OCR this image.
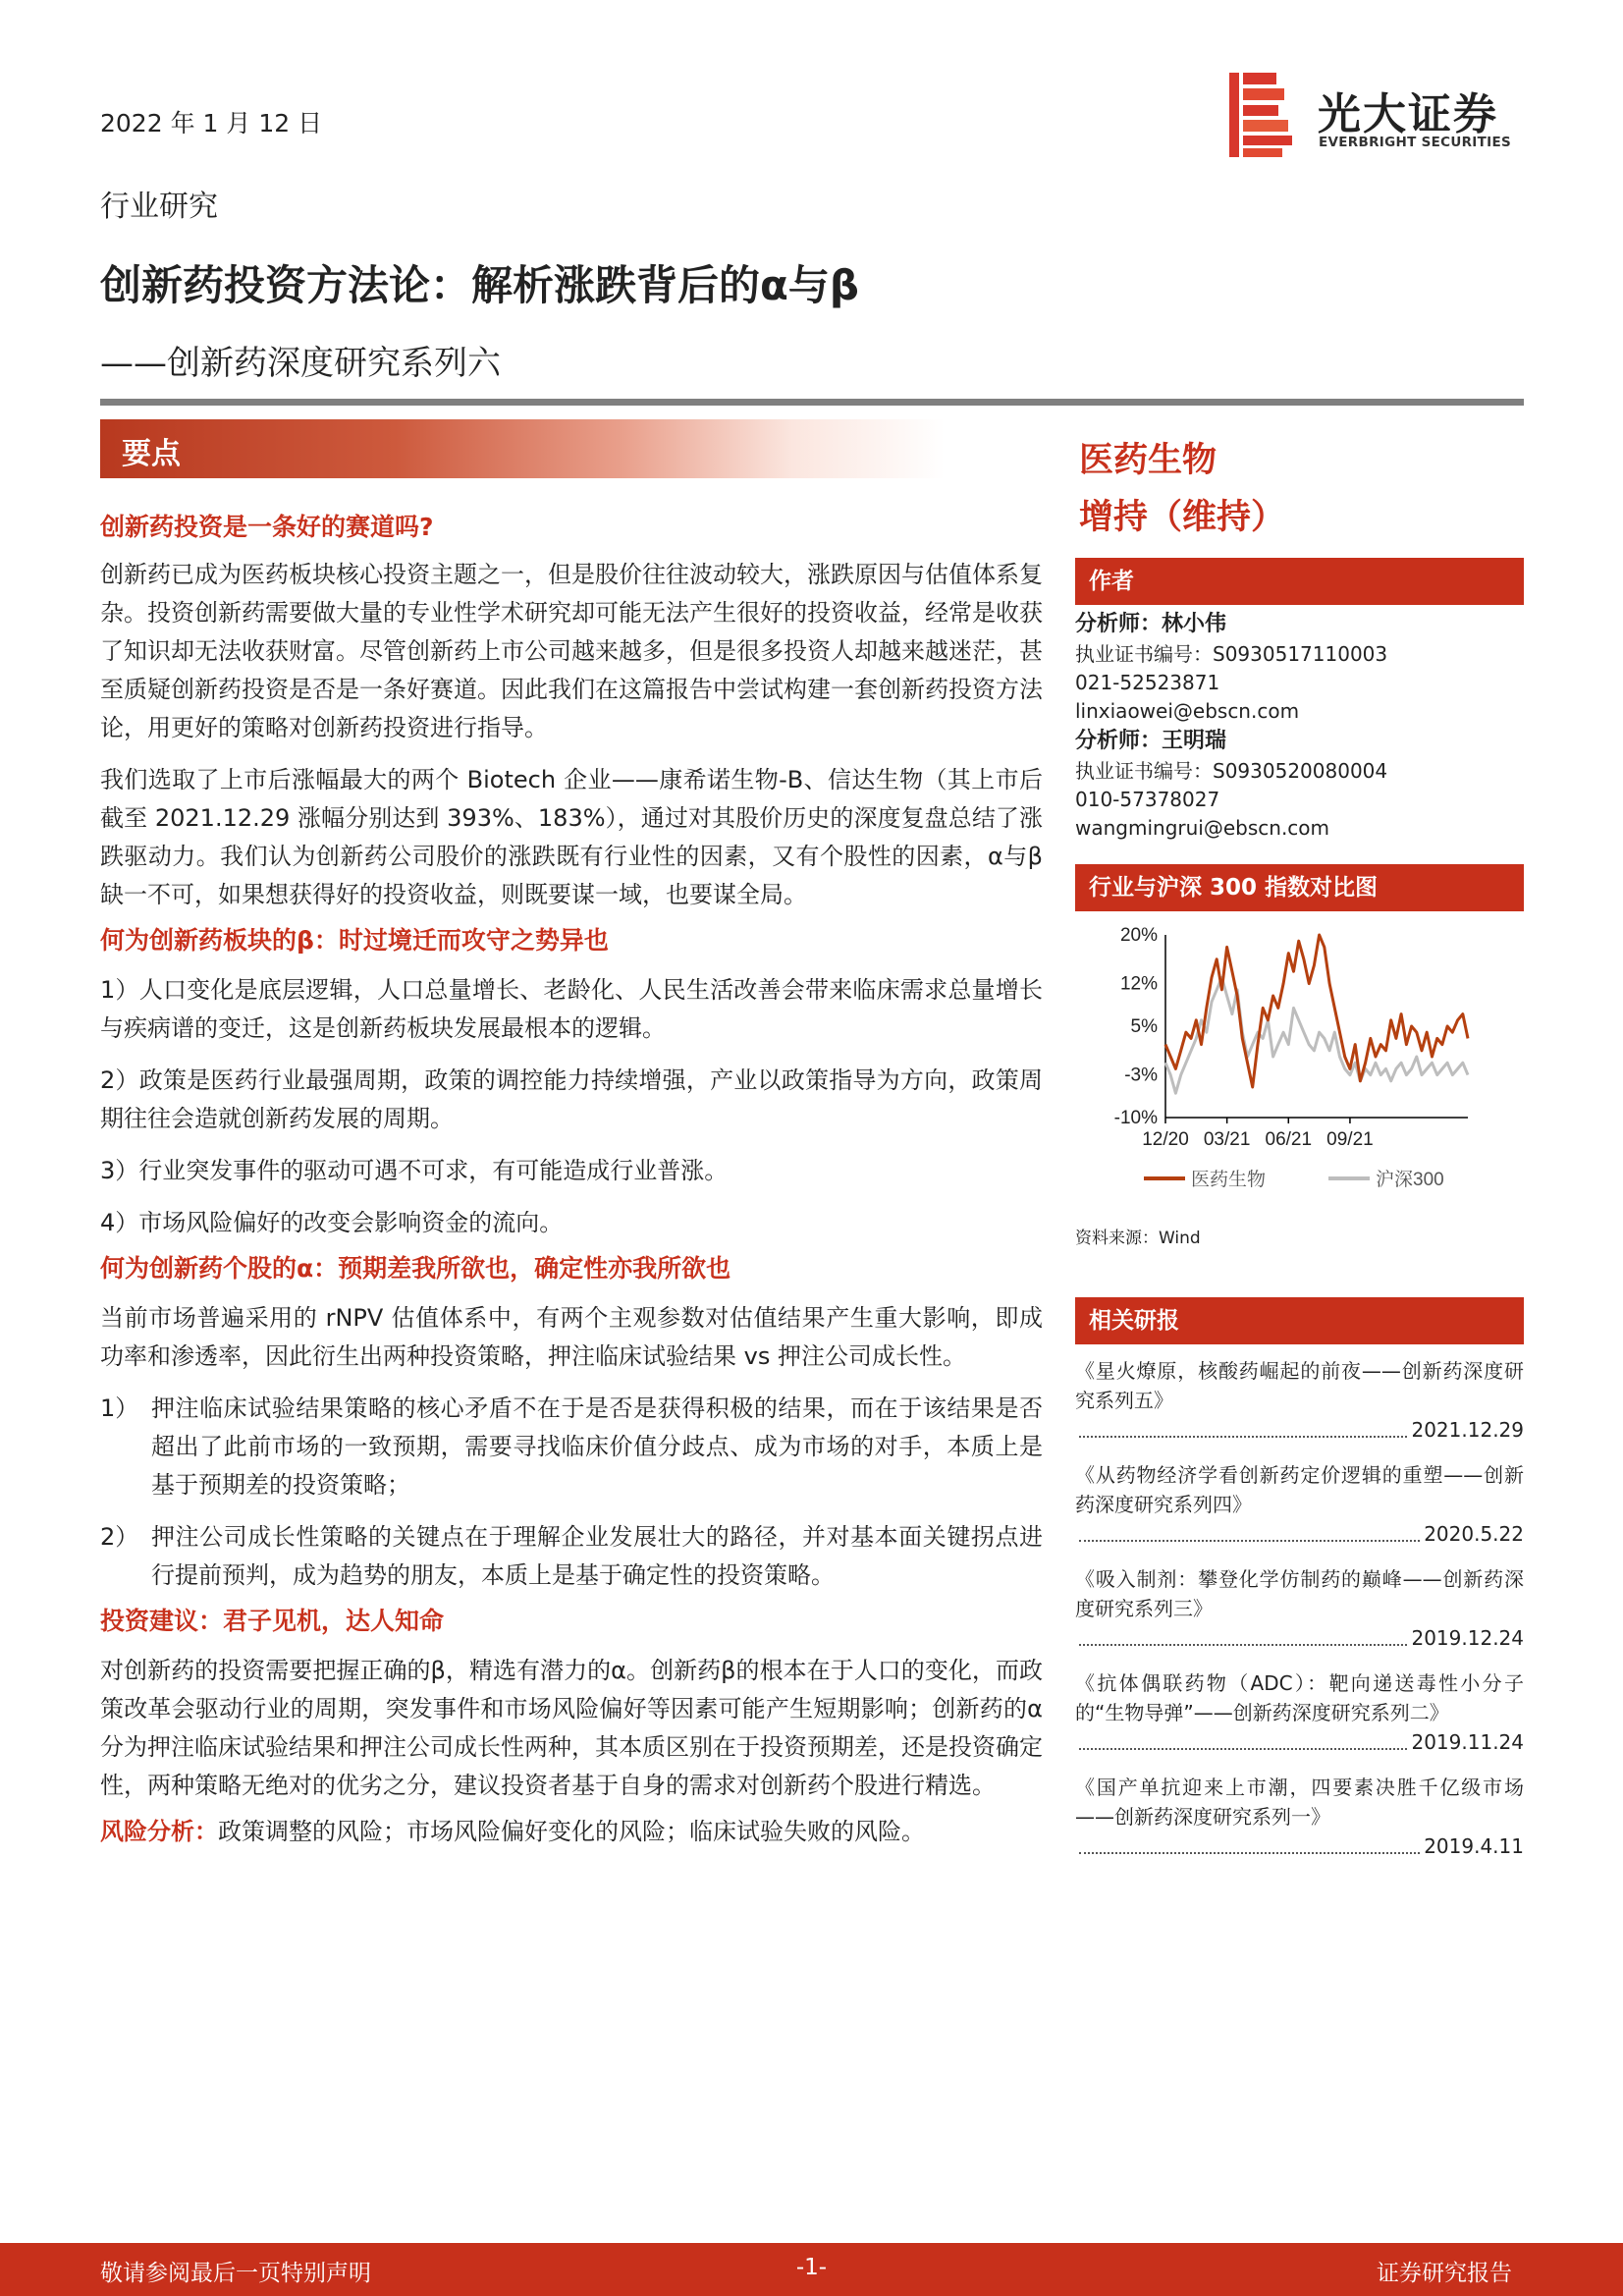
2022 年 1 月 12 日	光大证券
EVERBRIGHT SECURITIES
行业研究
创新药投资方法论：解析涨跌背后的α与β
——创新药深度研究系列六
要点
创新药投资是一条好的赛道吗?
创新药已成为医药板块核心投资主题之一，但是股价往往波动较大，涨跌原因与估值体系复杂。投资创新药需要做大量的专业性学术研究却可能无法产生很好的投资收益，经常是收获了知识却无法收获财富。尽管创新药上市公司越来越多，但是很多投资人却越来越迷茫，甚至质疑创新药投资是否是一条好赛道。因此我们在这篇报告中尝试构建一套创新药投资方法论，用更好的策略对创新药投资进行指导。
我们选取了上市后涨幅最大的两个 Biotech 企业——康希诺生物-B、信达生物（其上市后截至 2021.12.29 涨幅分别达到 393%、183%），通过对其股价历史的深度复盘总结了涨跌驱动力。我们认为创新药公司股价的涨跌既有行业性的因素，又有个股性的因素，α与β缺一不可，如果想获得好的投资收益，则既要谋一域，也要谋全局。
何为创新药板块的β：时过境迁而攻守之势异也
1）人口变化是底层逻辑，人口总量增长、老龄化、人民生活改善会带来临床需求总量增长与疾病谱的变迁，这是创新药板块发展最根本的逻辑。
2）政策是医药行业最强周期，政策的调控能力持续增强，产业以政策指导为方向，政策周期往往会造就创新药发展的周期。
3）行业突发事件的驱动可遇不可求，有可能造成行业普涨。
4）市场风险偏好的改变会影响资金的流向。
何为创新药个股的α：预期差我所欲也，确定性亦我所欲也
当前市场普遍采用的 rNPV 估值体系中，有两个主观参数对估值结果产生重大影响，即成功率和渗透率，因此衍生出两种投资策略，押注临床试验结果 vs 押注公司成长性。
1） 押注临床试验结果策略的核心矛盾不在于是否是获得积极的结果，而在于该结果是否超出了此前市场的一致预期，需要寻找临床价值分歧点、成为市场的对手，本质上是基于预期差的投资策略；
2） 押注公司成长性策略的关键点在于理解企业发展壮大的路径，并对基本面关键拐点进行提前预判，成为趋势的朋友，本质上是基于确定性的投资策略。
投资建议：君子见机，达人知命
对创新药的投资需要把握正确的β，精选有潜力的α。创新药β的根本在于人口的变化，而政策改革会驱动行业的周期，突发事件和市场风险偏好等因素可能产生短期影响；创新药的α分为押注临床试验结果和押注公司成长性两种，其本质区别在于投资预期差，还是投资确定性，两种策略无绝对的优劣之分，建议投资者基于自身的需求对创新药个股进行精选。
风险分析：政策调整的风险；市场风险偏好变化的风险；临床试验失败的风险。
医药生物
增持（维持）
作者
分析师：林小伟
执业证书编号：S0930517110003
021-52523871
linxiaowei@ebscn.com
分析师：王明瑞
执业证书编号：S0930520080004
010-57378027
wangmingrui@ebscn.com
行业与沪深 300 指数对比图
20%
12%
5%
-3%
-10%
12/20 03/21 06/21 09/21
医药生物	沪深300
资料来源：Wind
相关研报
《星火燎原，核酸药崛起的前夜——创新药深度研究系列五》
2021.12.29
《从药物经济学看创新药定价逻辑的重塑——创新药深度研究系列四》
2020.5.22
《吸入制剂：攀登化学仿制药的巅峰——创新药深度研究系列三》
2019.12.24
《抗体偶联药物（ADC）：靶向递送毒性小分子的“生物导弹”——创新药深度研究系列二》
2019.11.24
《国产单抗迎来上市潮，四要素决胜千亿级市场——创新药深度研究系列一》
2019.4.11
敬请参阅最后一页特别声明	-1-	证券研究报告
